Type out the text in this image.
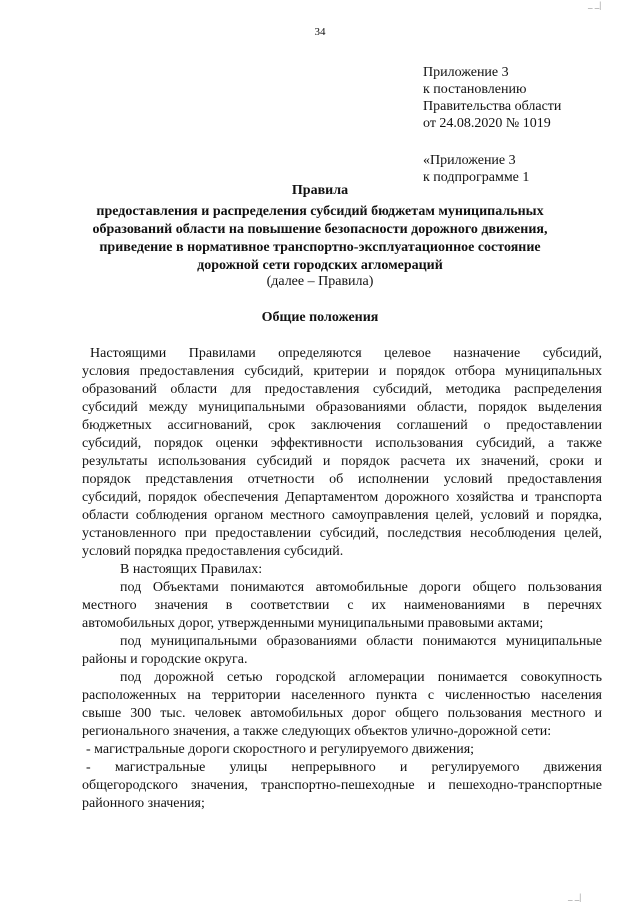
_ _|
34
Приложение 3
к постановлению
Правительства области
от 24.08.2020 № 1019
«Приложение 3
к подпрограмме 1
Правила
предоставления и распределения субсидий бюджетам муниципальных
образований области на повышение безопасности дорожного движения,
приведение в нормативное транспортно-эксплуатационное состояние
дорожной сети городских агломераций
(далее – Правила)
Общие положения
Настоящими Правилами определяются целевое назначение субсидий,
условия предоставления субсидий, критерии и порядок отбора муниципальных
образований области для предоставления субсидий, методика распределения
субсидий между муниципальными образованиями области, порядок выделения
бюджетных ассигнований, срок заключения соглашений о предоставлении
субсидий, порядок оценки эффективности использования субсидий, а также
результаты использования субсидий и порядок расчета их значений, сроки и
порядок представления отчетности об исполнении условий предоставления
субсидий, порядок обеспечения Департаментом дорожного хозяйства и транспорта
области соблюдения органом местного самоуправления целей, условий и порядка,
установленного при предоставлении субсидий, последствия несоблюдения целей,
условий порядка предоставления субсидий.
В настоящих Правилах:
под Объектами понимаются автомобильные дороги общего пользования
местного значения в соответствии с их наименованиями в перечнях
автомобильных дорог, утвержденными муниципальными правовыми актами;
под муниципальными образованиями области понимаются муниципальные
районы и городские округа.
под дорожной сетью городской агломерации понимается совокупность
расположенных на территории населенного пункта с численностью населения
свыше 300 тыс. человек автомобильных дорог общего пользования местного и
регионального значения, а также следующих объектов улично-дорожной сети:
- магистральные дороги скоростного и регулируемого движения;
- магистральные улицы непрерывного и регулируемого движения
общегородского значения, транспортно-пешеходные и пешеходно-транспортные
районного значения;
_ _|
